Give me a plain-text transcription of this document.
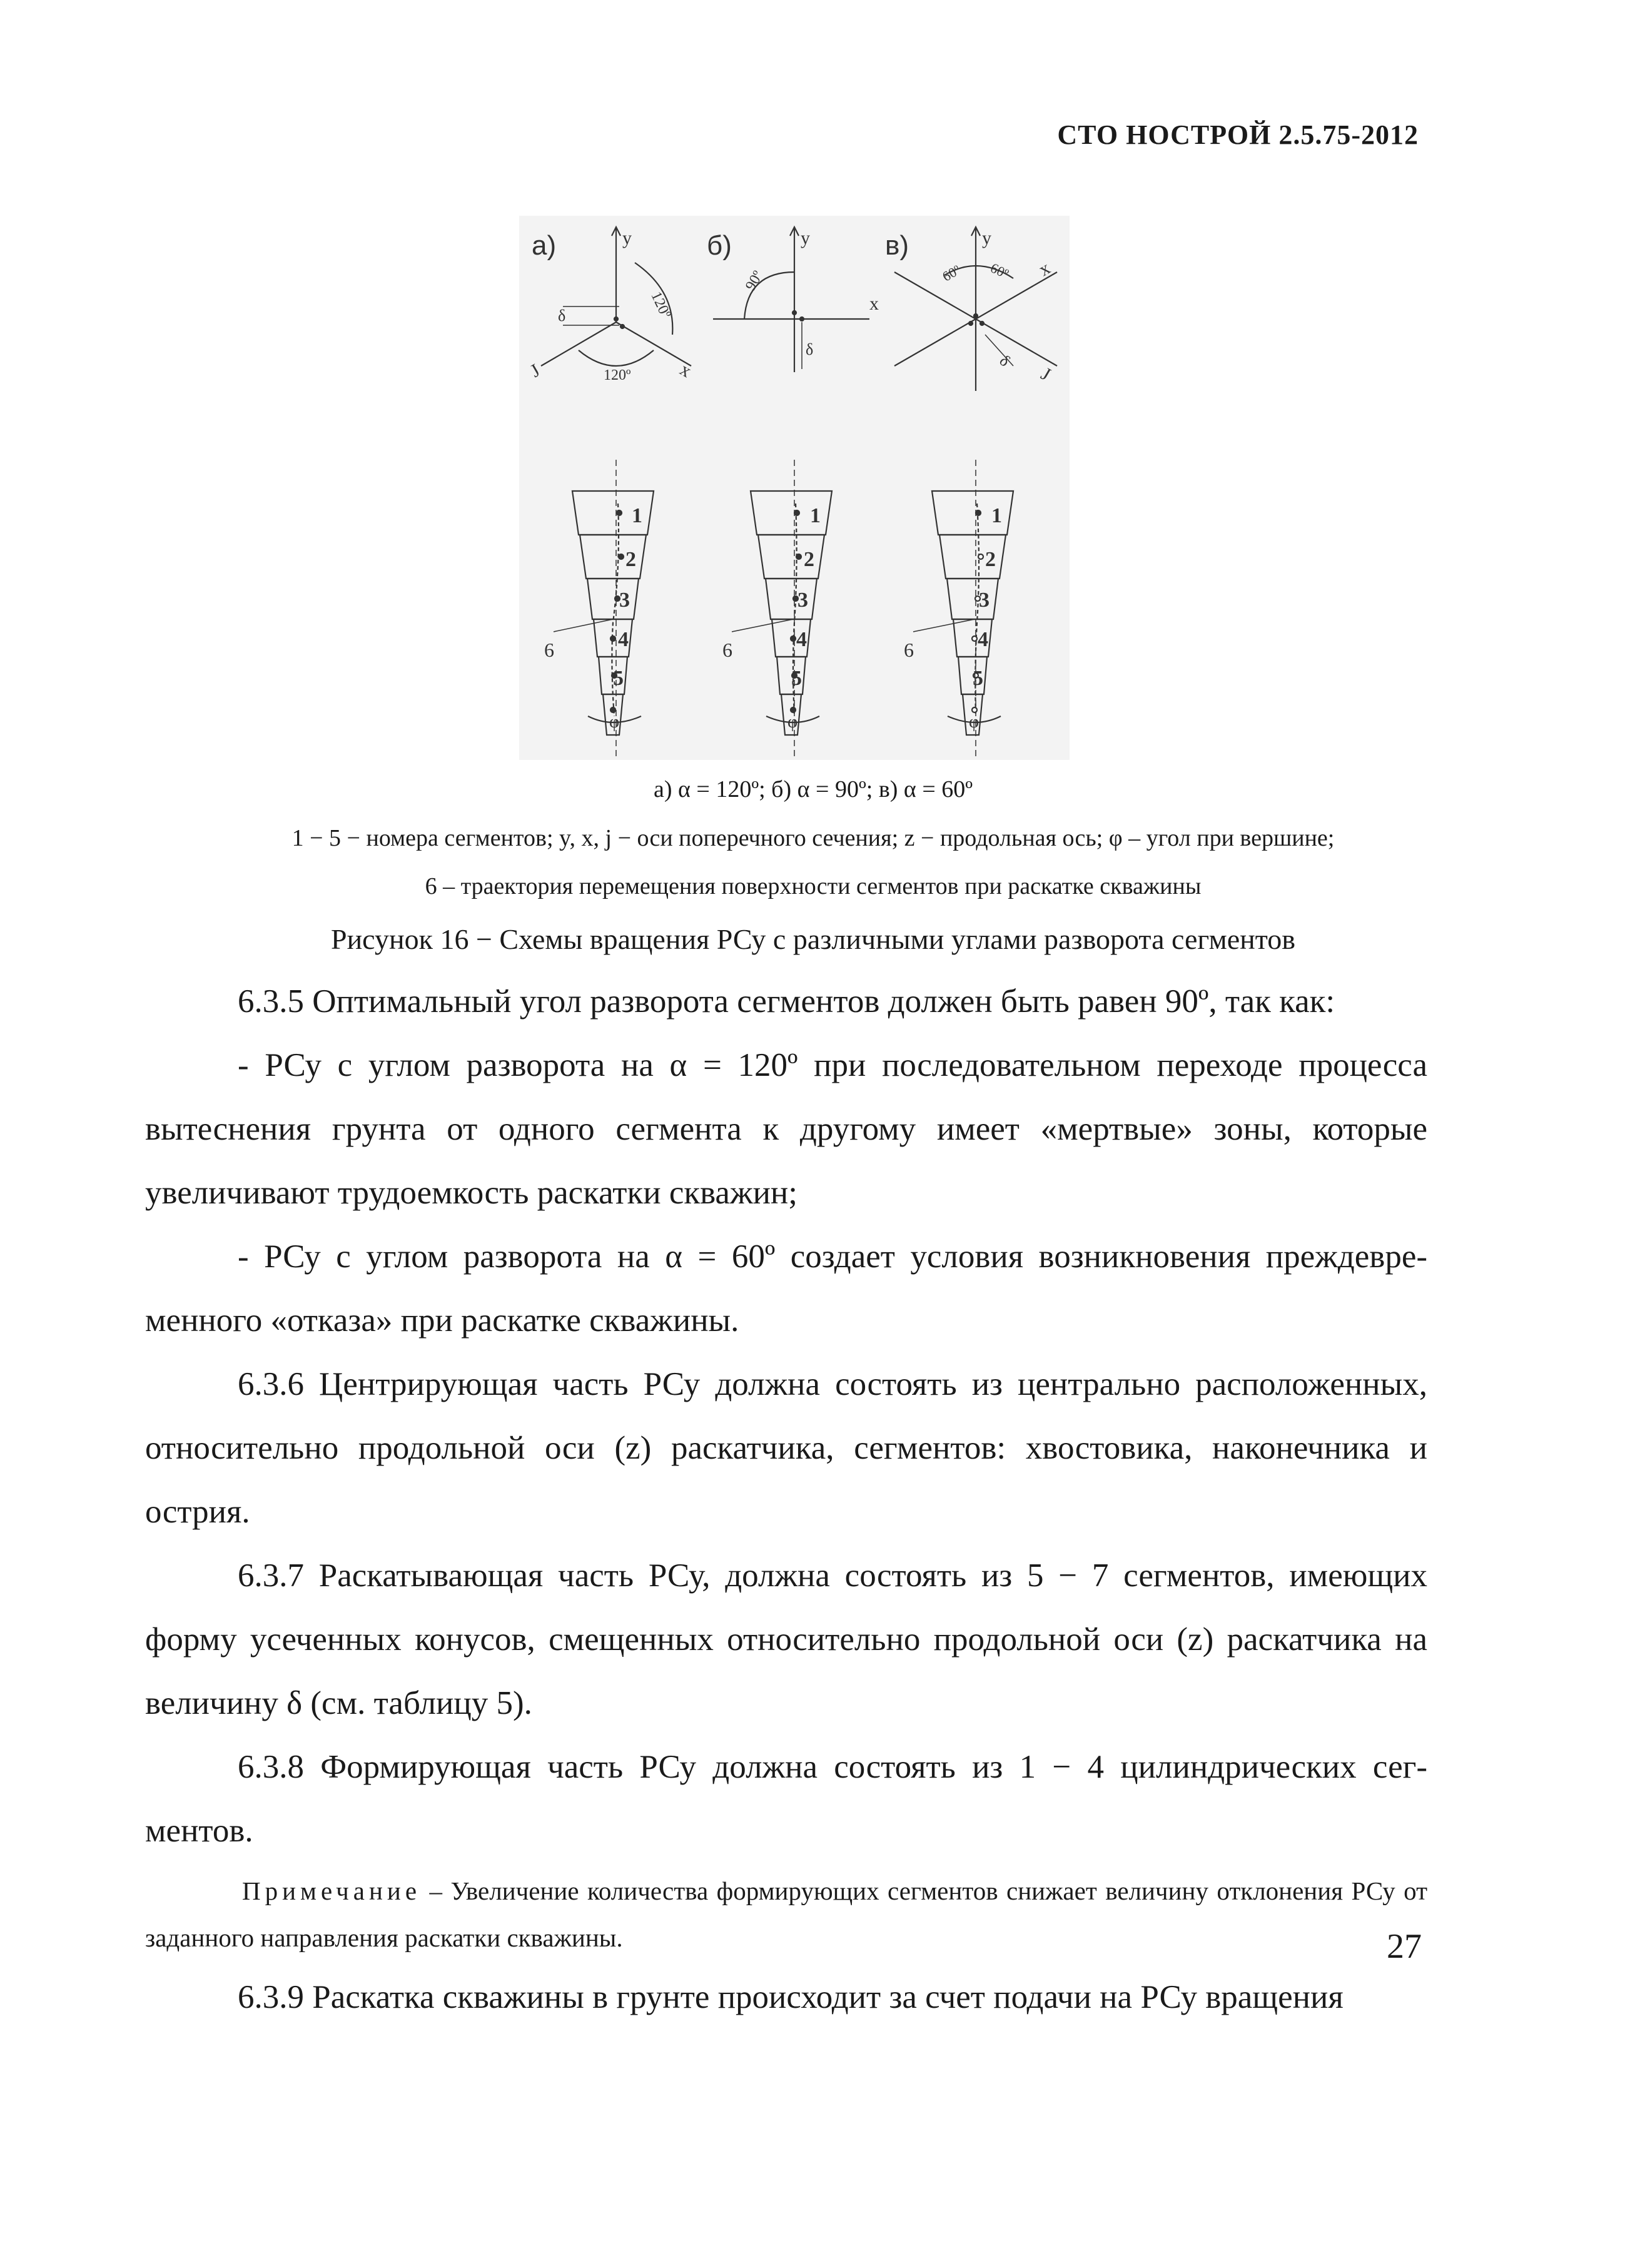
СТО НОСТРОЙ 2.5.75-2012
а)	y
x
J
120º
120º
δ
б)	y
x
90º
δ
в)	y
x
J
60º 60º
δ
6
1
2
3
4
5
φ
6
1
2
3
4
5
φ
6
1
2
3
4
5
φ
а) α = 120º; б) α = 90º; в) α = 60º
1 − 5 − номера сегментов; y, x, j − оси поперечного сечения; z − продольная ось; φ – угол при вершине;
6 – траектория перемещения поверхности сегментов при раскатке скважины
Рисунок 16 − Схемы вращения РСу с различными углами разворота сегментов

6.3.5 Оптимальный угол разворота сегментов должен быть равен 90º, так как:

- РСу с углом разворота на α = 120º при последовательном переходе процесса вытеснения грунта от одного сегмента к другому имеет «мертвые» зоны, которые увеличивают трудоемкость раскатки скважин;

- РСу с углом разворота на α = 60º создает условия возникновения преждевременного «отказа» при раскатке скважины.

6.3.6 Центрирующая часть РСу должна состоять из центрально расположенных, относительно продольной оси (z) раскатчика, сегментов: хвостовика, наконечника и острия.

6.3.7 Раскатывающая часть РСу, должна состоять из 5 − 7 сегментов, имеющих форму усеченных конусов, смещенных относительно продольной оси (z) раскатчика на величину δ (см. таблицу 5).

6.3.8 Формирующая часть РСу должна состоять из 1 − 4 цилиндрических сегментов.

Примечание – Увеличение количества формирующих сегментов снижает величину отклонения РСу от заданного направления раскатки скважины.

6.3.9 Раскатка скважины в грунте происходит за счет подачи на РСу вращения

27
